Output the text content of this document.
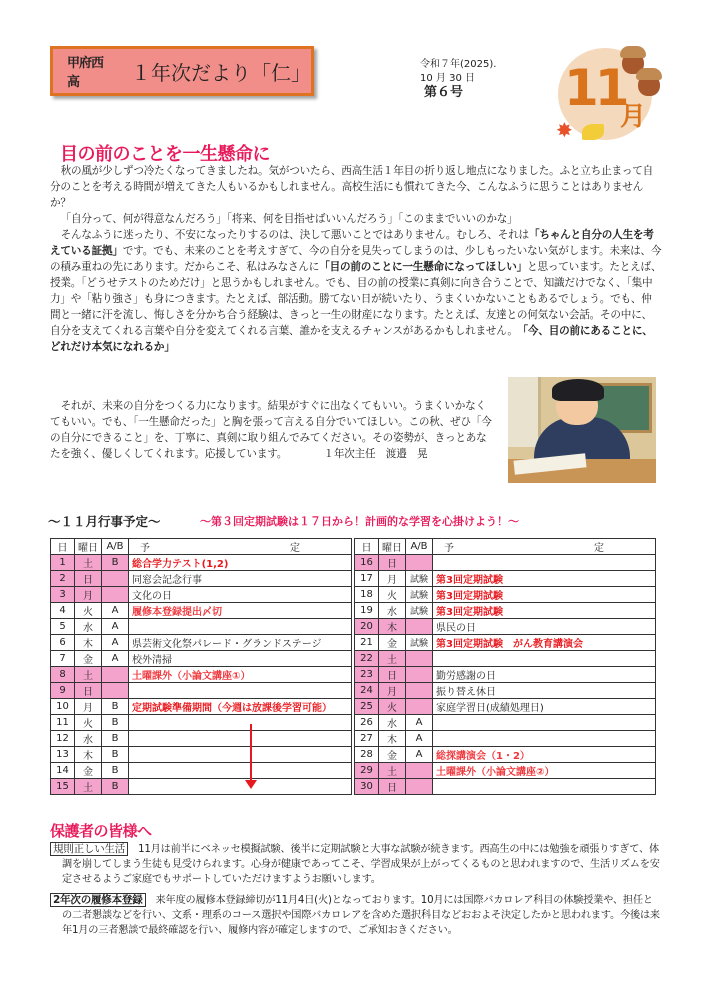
甲府西高	１年次だより「仁」	令和７年(2025).
10 月 30 日
第６号	11
月
✸
目の前のことを一生懸命に

秋の風が少しずつ冷たくなってきましたね。気がついたら、西高生活１年目の折り返し地点になりました。ふと立ち止まって自分のことを考える時間が増えてきた人もいるかもしれません。高校生活にも慣れてきた今、こんなふうに思うことはありませんか？

「自分って、何が得意なんだろう」「将来、何を目指せばいいんだろう」「このままでいいのかな」

そんなふうに迷ったり、不安になったりするのは、決して悪いことではありません。むしろ、それは「ちゃんと自分の人生を考えている証拠」です。でも、未来のことを考えすぎて、今の自分を見失ってしまうのは、少しもったいない気がします。未来は、今の積み重ねの先にあります。だからこそ、私はみなさんに「目の前のことに一生懸命になってほしい」と思っています。たとえば、授業。「どうせテストのためだけ」と思うかもしれません。でも、目の前の授業に真剣に向き合うことで、知識だけでなく、「集中力」や「粘り強さ」も身につきます。たとえば、部活動。勝てない日が続いたり、うまくいかないこともあるでしょう。でも、仲間と一緒に汗を流し、悔しさを分かち合う経験は、きっと一生の財産になります。たとえば、友達との何気ない会話。その中に、自分を支えてくれる言葉や自分を変えてくれる言葉、誰かを支えるチャンスがあるかもしれません。　 「今、目の前にあることに、どれだけ本気になれるか」

それが、未来の自分をつくる力になります。結果がすぐに出なくてもいい。うまくいかなくてもいい。でも、「一生懸命だった」と胸を張って言える自分でいてほしい。この秋、ぜひ「今の自分にできること」を、丁寧に、真剣に取り組んでみてください。その姿勢が、きっとあなたを強く、優しくしてくれます。応援しています。　　　　	１年次主任　渡邉　晃

～１１月行事予定～	～第３回定期試験は１７日から！計画的な学習を心掛けよう！～
日	曜日	A/B	予　　定
1	土	B	総合学力テスト(1,2)
2	日		同窓会記念行事
3	月		文化の日
4	火	A	履修本登録提出〆切
5	水	A	
6	木	A	県芸術文化祭パレード・グランドステージ
7	金	A	校外清掃
8	土		土曜課外（小論文講座①）
9	日		
10	月	B	定期試験準備期間（今週は放課後学習可能）
11	火	B	
12	水	B	
13	木	B	
14	金	B	
15	土	B	
日	曜日	A/B	予　　定
16	日		
17	月	試験	第3回定期試験
18	火	試験	第3回定期試験
19	水	試験	第3回定期試験
20	木		県民の日
21	金	試験	第3回定期試験　がん教育講演会
22	土		
23	日		勤労感謝の日
24	月		振り替え休日
25	火		家庭学習日(成績処理日)
26	水	A	
27	木	A	
28	金	A	総探講演会（1・2）
29	土		土曜課外（小論文講座②）
30	日		
保護者の皆様へ

規則正しい生活　 11月は前半にベネッセ模擬試験、後半に定期試験と大事な試験が続きます。西高生の中には勉強を頑張りすぎて、体調を崩してしまう生徒も見受けられます。心身が健康であってこそ、学習成果が上がってくるものと思われますので、生活リズムを安定させるようご家庭でもサポートしていただけますようお願いします。

2年次の履修本登録　 来年度の履修本登録締切が11月4日(火)となっております。10月には国際バカロレア科目の体験授業や、担任との二者懇談などを行い、文系・理系のコース選択や国際バカロレアを含めた選択科目などおおよそ決定したかと思われます。今後は来年1月の三者懇談で最終確認を行い、履修内容が確定しますので、ご承知おきください。
